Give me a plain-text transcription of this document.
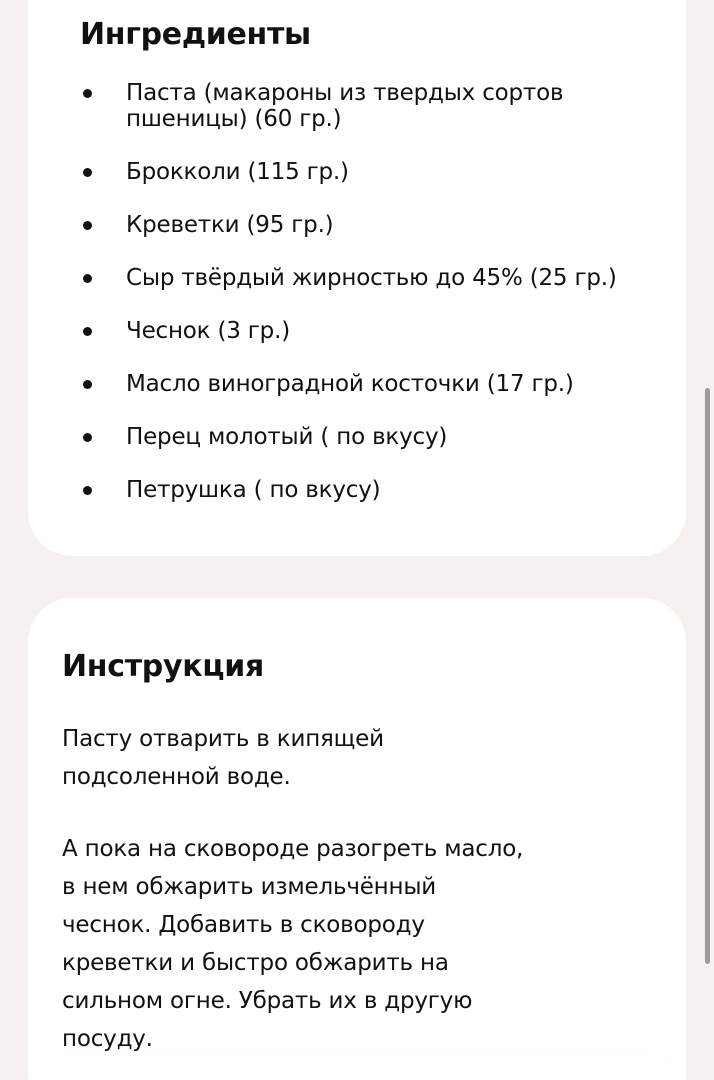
Ингредиенты
Паста (макароны из твердых сортов пшеницы) (60 гр.)
Брокколи (115 гр.)
Креветки (95 гр.)
Сыр твёрдый жирностью до 45% (25 гр.)
Чеснок (3 гр.)
Масло виноградной косточки (17 гр.)
Перец молотый ( по вкусу)
Петрушка ( по вкусу)
Инструкция

Пасту отварить в кипящей подсоленной воде.

А пока на сковороде разогреть масло, в нем обжарить измельчённый чеснок. Добавить в сковороду креветки и быстро обжарить на сильном огне. Убрать их в другую посуду.
